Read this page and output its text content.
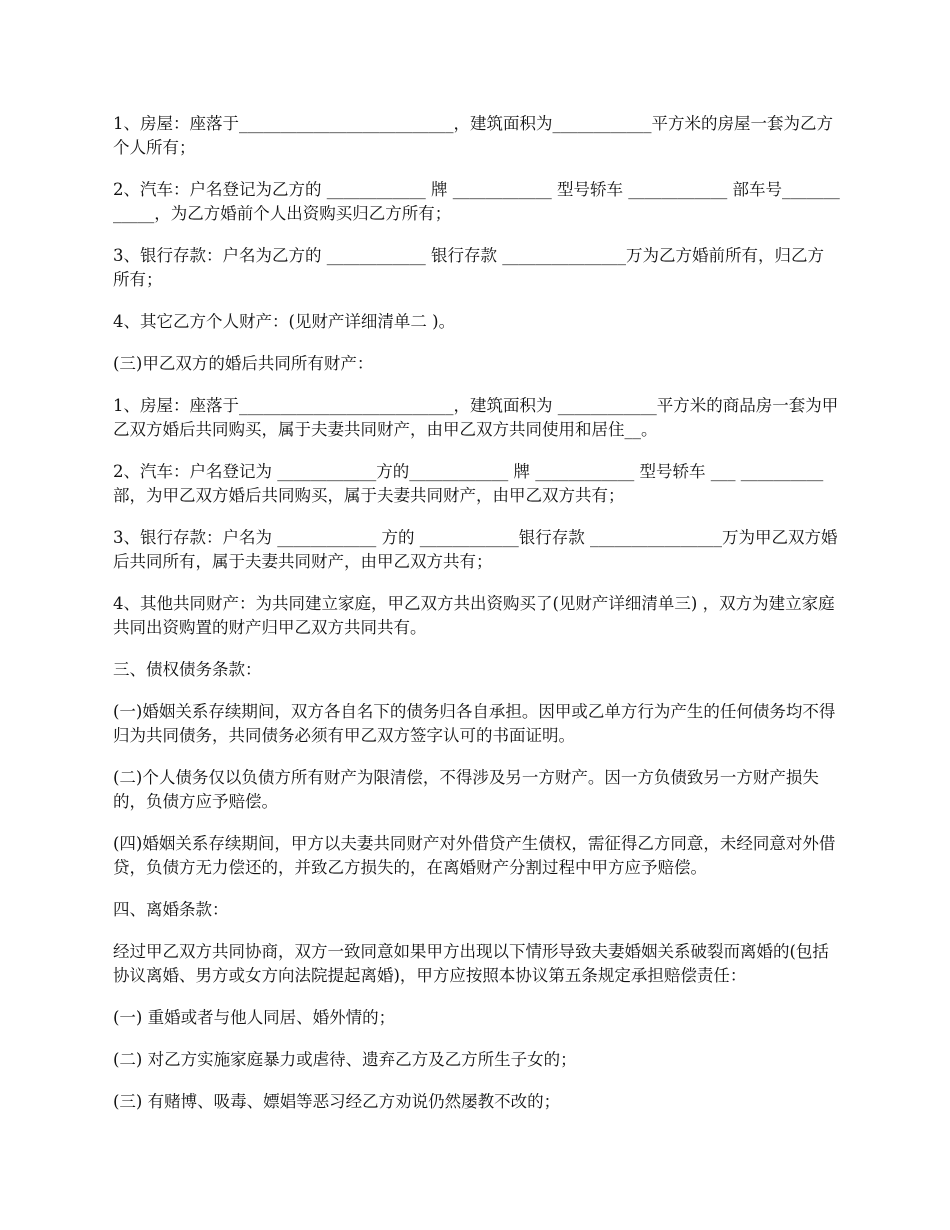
1、房屋：座落于__________________________，建筑面积为____________平方米的房屋一套为乙方个人所有；

2、汽车：户名登记为乙方的 ____________ 牌 ____________ 型号轿车 ____________ 部车号____________，为乙方婚前个人出资购买归乙方所有；

3、银行存款：户名为乙方的 ____________ 银行存款 _______________万为乙方婚前所有，归乙方所有；

4、其它乙方个人财产：(见财产详细清单二 )。

(三)甲乙双方的婚后共同所有财产：

1、房屋：座落于__________________________，建筑面积为 ____________平方米的商品房一套为甲乙双方婚后共同购买，属于夫妻共同财产，由甲乙双方共同使用和居住__。

2、汽车：户名登记为 ____________方的____________ 牌 ____________ 型号轿车 ___ __________部，为甲乙双方婚后共同购买，属于夫妻共同财产，由甲乙双方共有；

3、银行存款：户名为 ____________ 方的 ____________银行存款 ________________万为甲乙双方婚后共同所有，属于夫妻共同财产，由甲乙双方共有；

4、其他共同财产：为共同建立家庭，甲乙双方共出资购买了(见财产详细清单三) ，双方为建立家庭共同出资购置的财产归甲乙双方共同共有。

三、债权债务条款：

(一)婚姻关系存续期间，双方各自名下的债务归各自承担。因甲或乙单方行为产生的任何债务均不得归为共同债务，共同债务必须有甲乙双方签字认可的书面证明。

(二)个人债务仅以负债方所有财产为限清偿，不得涉及另一方财产。因一方负债致另一方财产损失的，负债方应予赔偿。

(四)婚姻关系存续期间，甲方以夫妻共同财产对外借贷产生债权，需征得乙方同意，未经同意对外借贷，负债方无力偿还的，并致乙方损失的，在离婚财产分割过程中甲方应予赔偿。

四、离婚条款：

经过甲乙双方共同协商，双方一致同意如果甲方出现以下情形导致夫妻婚姻关系破裂而离婚的(包括协议离婚、男方或女方向法院提起离婚)，甲方应按照本协议第五条规定承担赔偿责任：

(一) 重婚或者与他人同居、婚外情的；

(二) 对乙方实施家庭暴力或虐待、遗弃乙方及乙方所生子女的；

(三) 有赌博、吸毒、嫖娼等恶习经乙方劝说仍然屡教不改的；
